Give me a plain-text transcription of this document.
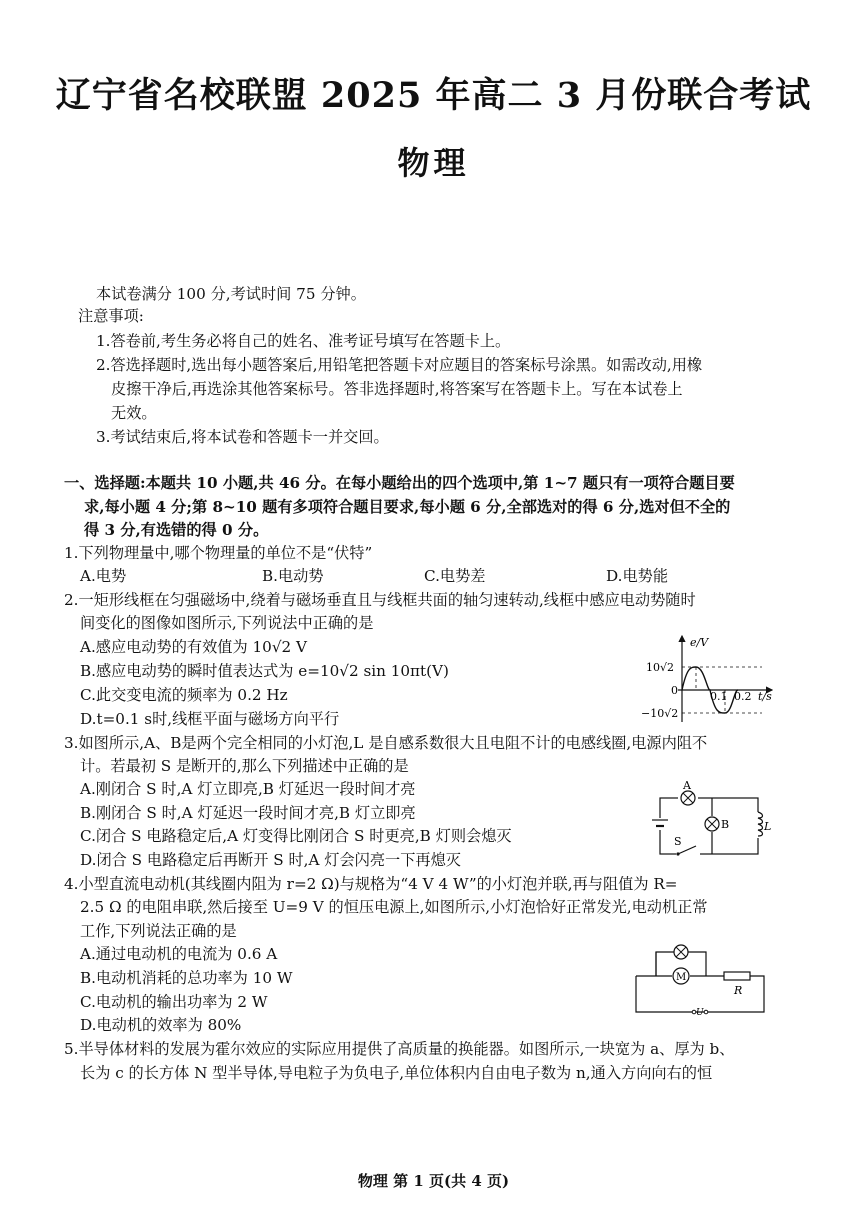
辽宁省名校联盟 2025 年高二 3 月份联合考试
物理
本试卷满分 100 分,考试时间 75 分钟。
注意事项:
1.答卷前,考生务必将自己的姓名、准考证号填写在答题卡上。
2.答选择题时,选出每小题答案后,用铅笔把答题卡对应题目的答案标号涂黑。如需改动,用橡
皮擦干净后,再选涂其他答案标号。答非选择题时,将答案写在答题卡上。写在本试卷上
无效。
3.考试结束后,将本试卷和答题卡一并交回。
一、选择题:本题共 10 小题,共 46 分。在每小题给出的四个选项中,第 1~7 题只有一项符合题目要
求,每小题 4 分;第 8~10 题有多项符合题目要求,每小题 6 分,全部选对的得 6 分,选对但不全的
得 3 分,有选错的得 0 分。
1.下列物理量中,哪个物理量的单位不是“伏特”
A.电势	B.电动势	C.电势差	D.电势能
2.一矩形线框在匀强磁场中,绕着与磁场垂直且与线框共面的轴匀速转动,线框中感应电动势随时
间变化的图像如图所示,下列说法中正确的是
A.感应电动势的有效值为 10√2 V
B.感应电动势的瞬时值表达式为 e=10√2 sin 10πt(V)
C.此交变电流的频率为 0.2 Hz
D.t=0.1 s时,线框平面与磁场方向平行
e/V
10√2
−10√2
0	0.1 0.2 t/s
3.如图所示,A、B是两个完全相同的小灯泡,L 是自感系数很大且电阻不计的电感线圈,电源内阻不
计。若最初 S 是断开的,那么下列描述中正确的是
A.刚闭合 S 时,A 灯立即亮,B 灯延迟一段时间才亮
B.刚闭合 S 时,A 灯延迟一段时间才亮,B 灯立即亮
C.闭合 S 电路稳定后,A 灯变得比刚闭合 S 时更亮,B 灯则会熄灭
D.闭合 S 电路稳定后再断开 S 时,A 灯会闪亮一下再熄灭
A
B	L
S
4.小型直流电动机(其线圈内阻为 r=2 Ω)与规格为“4 V 4 W”的小灯泡并联,再与阻值为 R=
2.5 Ω 的电阻串联,然后接至 U=9 V 的恒压电源上,如图所示,小灯泡恰好正常发光,电动机正常
工作,下列说法正确的是
A.通过电动机的电流为 0.6 A
B.电动机消耗的总功率为 10 W
C.电动机的输出功率为 2 W
D.电动机的效率为 80%
M
R
U
5.半导体材料的发展为霍尔效应的实际应用提供了高质量的换能器。如图所示,一块宽为 a、厚为 b、
长为 c 的长方体 N 型半导体,导电粒子为负电子,单位体积内自由电子数为 n,通入方向向右的恒
物理 第 1 页(共 4 页)
